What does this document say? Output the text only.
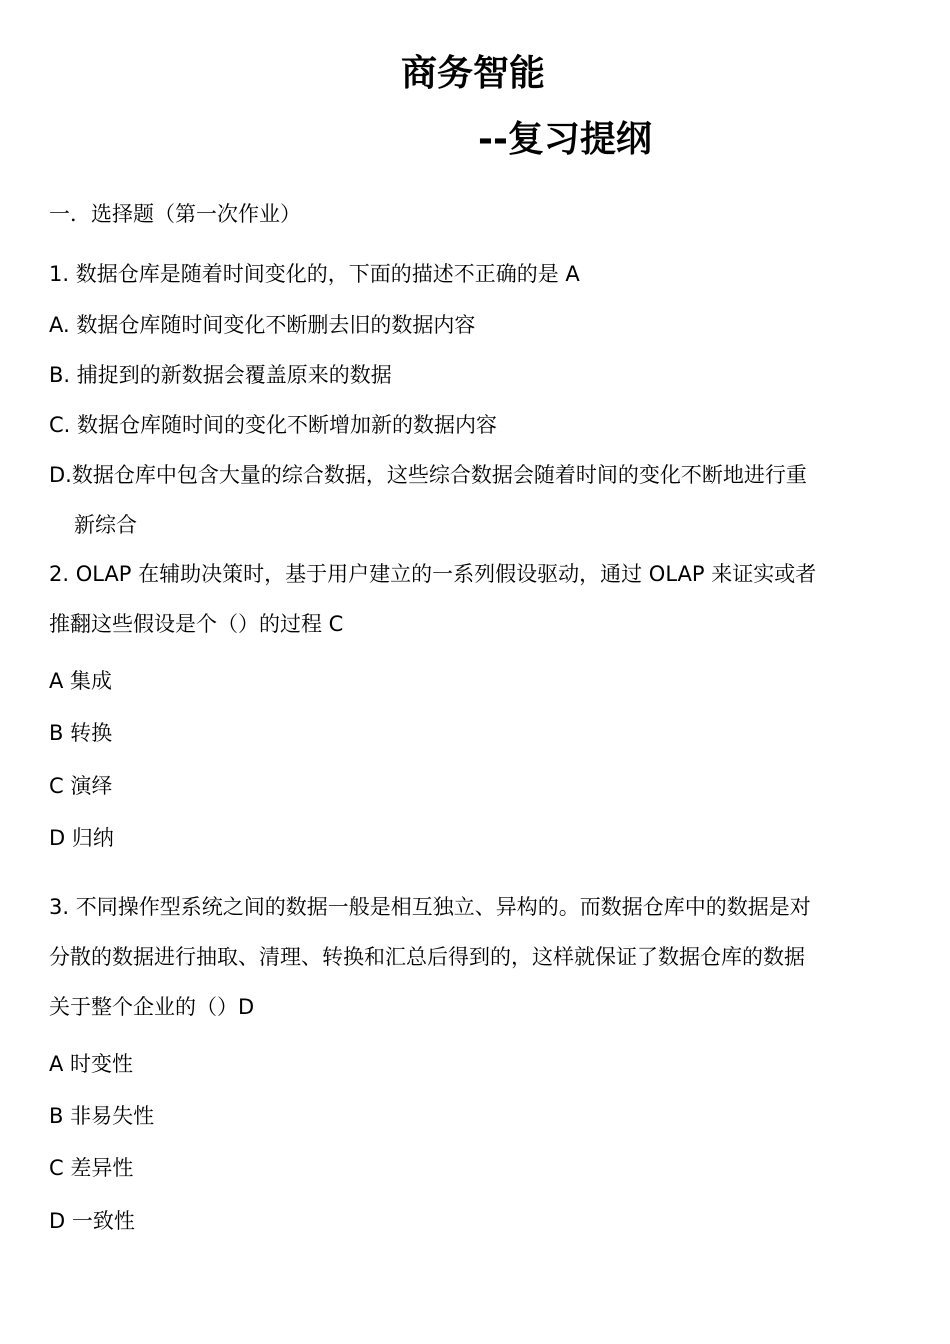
商务智能
--复习提纲
一．选择题（第一次作业）
1. 数据仓库是随着时间变化的，下面的描述不正确的是 A
A. 数据仓库随时间变化不断删去旧的数据内容
B. 捕捉到的新数据会覆盖原来的数据
C. 数据仓库随时间的变化不断增加新的数据内容
D.数据仓库中包含大量的综合数据，这些综合数据会随着时间的变化不断地进行重
新综合
2. OLAP 在辅助决策时，基于用户建立的一系列假设驱动，通过 OLAP 来证实或者
推翻这些假设是个（）的过程 C
A 集成
B 转换
C 演绎
D 归纳
3. 不同操作型系统之间的数据一般是相互独立、异构的。而数据仓库中的数据是对
分散的数据进行抽取、清理、转换和汇总后得到的，这样就保证了数据仓库的数据
关于整个企业的（）D
A 时变性
B 非易失性
C 差异性
D 一致性
